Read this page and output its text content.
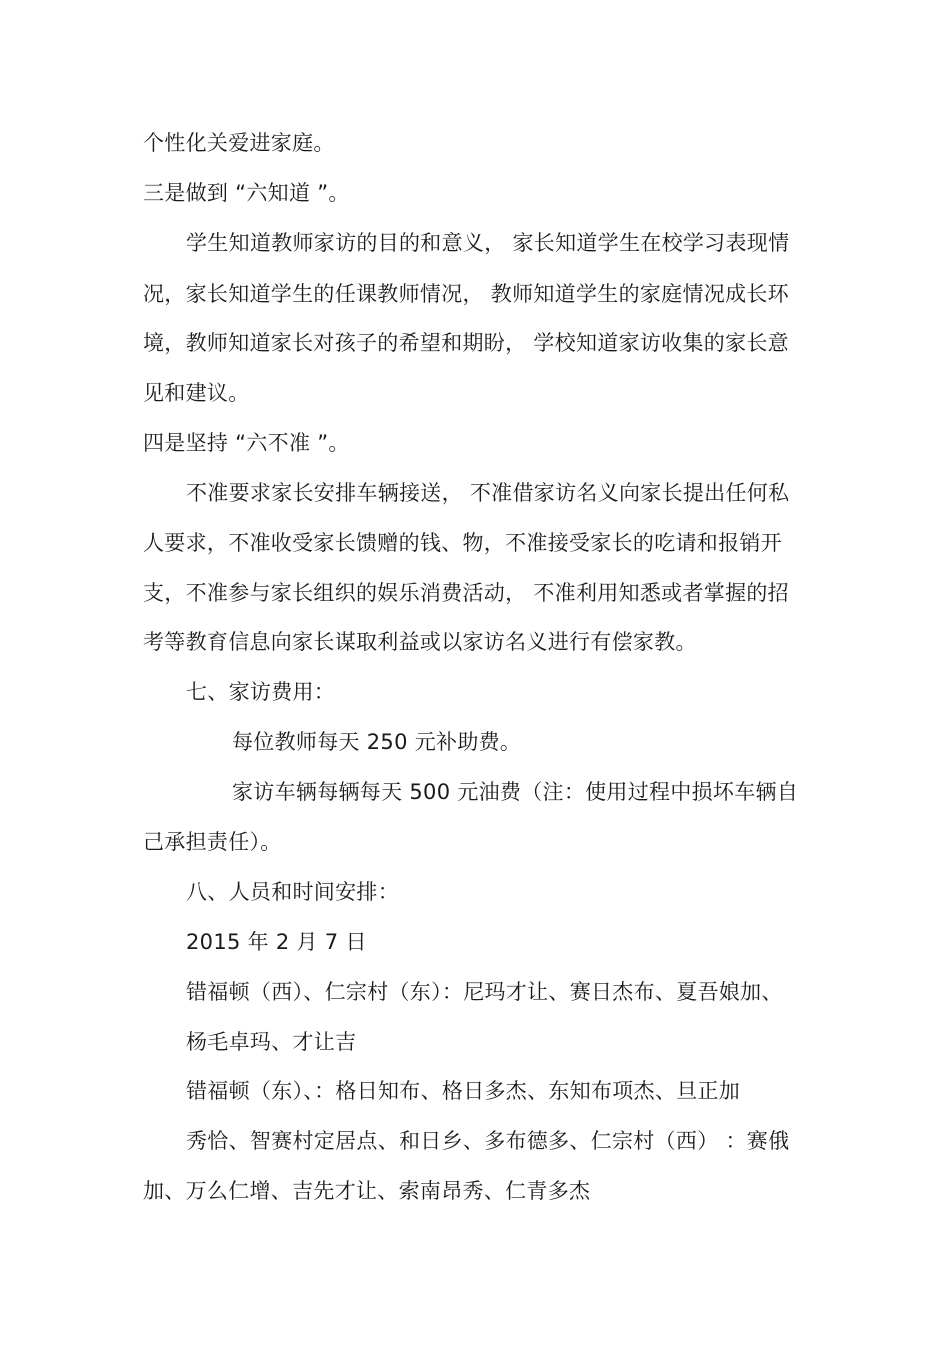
个性化关爱进家庭。
三是做到 “六知道 ”。
学生知道教师家访的目的和意义， 家长知道学生在校学习表现情
况，家长知道学生的任课教师情况， 教师知道学生的家庭情况成长环
境，教师知道家长对孩子的希望和期盼， 学校知道家访收集的家长意
见和建议。
四是坚持 “六不准 ”。
不准要求家长安排车辆接送， 不准借家访名义向家长提出任何私
人要求，不准收受家长馈赠的钱、物，不准接受家长的吃请和报销开
支，不准参与家长组织的娱乐消费活动， 不准利用知悉或者掌握的招
考等教育信息向家长谋取利益或以家访名义进行有偿家教。
七、家访费用：
每位教师每天 250 元补助费。
家访车辆每辆每天 500 元油费（注：使用过程中损坏车辆自
己承担责任）。
八、人员和时间安排：
2015 年 2 月 7 日
错福顿（西）、仁宗村（东）：尼玛才让、赛日杰布、夏吾娘加、
杨毛卓玛、才让吉
错福顿（东）、：格日知布、格日多杰、东知布项杰、旦正加
秀恰、智赛村定居点、和日乡、多布德多、仁宗村（西） ：赛俄
加、万么仁增、吉先才让、索南昂秀、仁青多杰
